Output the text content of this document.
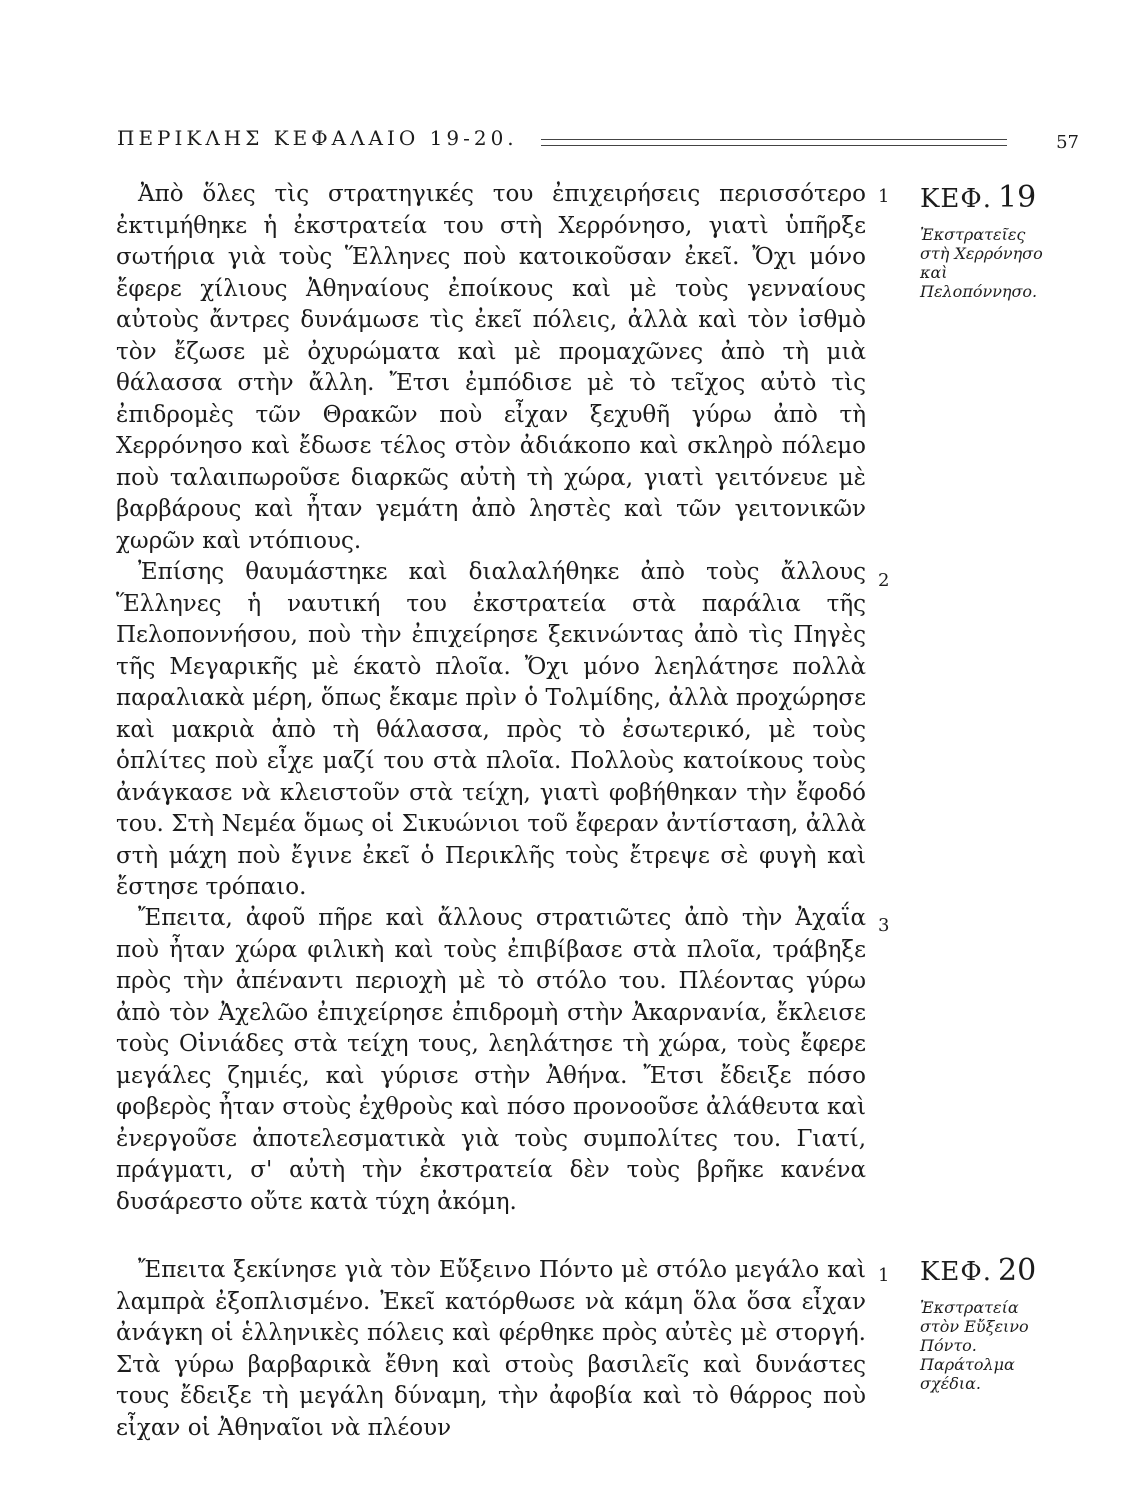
ΠΕΡΙΚΛΗΣ ΚΕΦΑΛΑΙΟ 19-20.	57

Ἀπὸ ὅλες τὶς στρατηγικές του ἐπιχειρήσεις περισσότερο ἐκτιμήθηκε ἡ ἐκστρατεία του στὴ Χερρόνησο, γιατὶ ὑπῆρξε σωτήρια γιὰ τοὺς Ἕλληνες ποὺ κατοικοῦσαν ἐκεῖ. Ὄχι μόνο ἔφερε χίλιους Ἀθηναίους ἐποίκους καὶ μὲ τοὺς γενναίους αὐτοὺς ἄντρες δυνάμωσε τὶς ἐκεῖ πόλεις, ἀλλὰ καὶ τὸν ἰσθμὸ τὸν ἔζωσε μὲ ὀχυρώματα καὶ μὲ προμαχῶνες ἀπὸ τὴ μιὰ θάλασσα στὴν ἄλλη. Ἔτσι ἐμπόδισε μὲ τὸ τεῖχος αὐτὸ τὶς ἐπιδρομὲς τῶν Θρακῶν ποὺ εἶχαν ξεχυθῆ γύρω ἀπὸ τὴ Χερρόνησο καὶ ἔδωσε τέλος στὸν ἀδιάκοπο καὶ σκληρὸ πόλεμο ποὺ ταλαιπωροῦσε διαρκῶς αὐτὴ τὴ χώρα, γιατὶ γειτόνευε μὲ βαρβάρους καὶ ἦταν γεμάτη ἀπὸ ληστὲς καὶ τῶν γειτονικῶν χωρῶν καὶ ντόπιους.

1

Ἐπίσης θαυμάστηκε καὶ διαλαλήθηκε ἀπὸ τοὺς ἄλλους Ἕλληνες ἡ ναυτική του ἐκστρατεία στὰ παράλια τῆς Πελοποννήσου, ποὺ τὴν ἐπιχείρησε ξεκινώντας ἀπὸ τὶς Πηγὲς τῆς Μεγαρικῆς μὲ έκατὸ πλοῖα. Ὄχι μόνο λεηλάτησε πολλὰ παραλιακὰ μέρη, ὅπως ἔκαμε πρὶν ὁ Τολμίδης, ἀλλὰ προχώρησε καὶ μακριὰ ἀπὸ τὴ θάλασσα, πρὸς τὸ ἐσωτερικό, μὲ τοὺς ὁπλίτες ποὺ εἶχε μαζί του στὰ πλοῖα. Πολλοὺς κατοίκους τοὺς ἀνάγκασε νὰ κλειστοῦν στὰ τείχη, γιατὶ φοβήθηκαν τὴν ἔφοδό του. Στὴ Νεμέα ὅμως οἱ Σικυώνιοι τοῦ ἔφεραν ἀντίσταση, ἀλλὰ στὴ μάχη ποὺ ἔγινε ἐκεῖ ὁ Περικλῆς τοὺς ἔτρεψε σὲ φυγὴ καὶ ἔστησε τρόπαιο.

2

Ἔπειτα, ἀφοῦ πῆρε καὶ ἄλλους στρατιῶτες ἀπὸ τὴν Ἀχαΐα ποὺ ἦταν χώρα φιλικὴ καὶ τοὺς ἐπιβίβασε στὰ πλοῖα, τράβηξε πρὸς τὴν ἀπέναντι περιοχὴ μὲ τὸ στόλο του. Πλέοντας γύρω ἀπὸ τὸν Ἀχελῶο ἐπιχείρησε ἐπιδρομὴ στὴν Ἀκαρνανία, ἔκλεισε τοὺς Οἰνιάδες στὰ τείχη τους, λεηλάτησε τὴ χώρα, τοὺς ἔφερε μεγάλες ζημιές, καὶ γύρισε στὴν Ἀθήνα. Ἔτσι ἔδειξε πόσο φοβερὸς ἦταν στοὺς ἐχθροὺς καὶ πόσο προνοοῦσε ἀλάθευτα καὶ ἐνεργοῦσε ἀποτελεσματικὰ γιὰ τοὺς συμπολίτες του. Γιατί, πράγματι, σ' αὐτὴ τὴν ἐκστρατεία δὲν τοὺς βρῆκε κανένα δυσάρεστο οὔτε κατὰ τύχη ἀκόμη.

3

Ἔπειτα ξεκίνησε γιὰ τὸν Εὔξεινο Πόντο μὲ στόλο μεγάλο καὶ λαμπρὰ ἐξοπλισμένο. Ἐκεῖ κατόρθωσε νὰ κάμη ὅλα ὅσα εἶχαν ἀνάγκη οἱ ἑλληνικὲς πόλεις καὶ φέρθηκε πρὸς αὐτὲς μὲ στοργή. Στὰ γύρω βαρβαρικὰ ἔθνη καὶ στοὺς βασιλεῖς καὶ δυνάστες τους ἔδειξε τὴ μεγάλη δύναμη, τὴν ἀφοβία καὶ τὸ θάρρος ποὺ εἶχαν οἱ Ἀθηναῖοι νὰ πλέουν

1
ΚΕΦ. 19
Ἐκστρατεῖες στὴ Χερρόνησο καὶ Πελοπόννησο.
ΚΕΦ. 20
Ἐκστρατεία στὸν Εὔξεινο Πόντο. Παράτολμα σχέδια.
